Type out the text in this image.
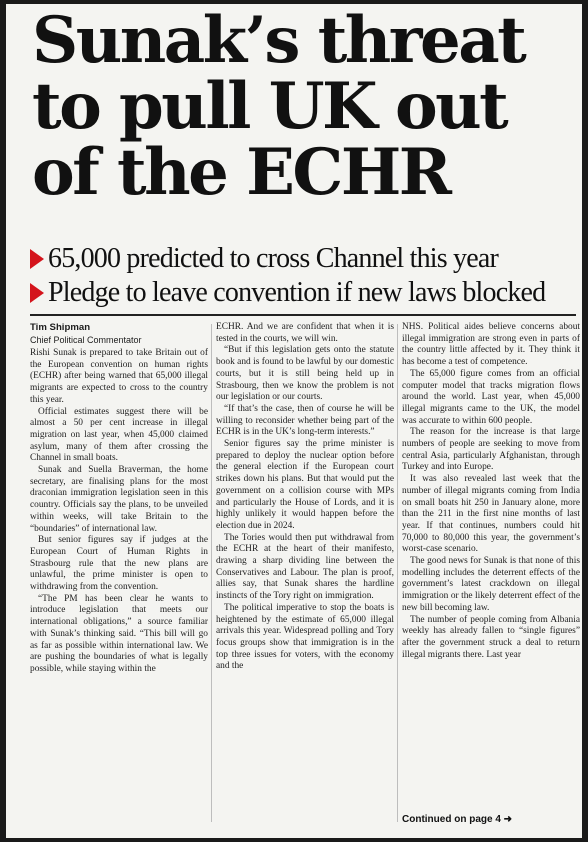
Sunak’s threat
to pull UK out
of the ECHR
65,000 predicted to cross Channel this year
Pledge to leave convention if new laws blocked
Tim Shipman
Chief Political Commentator

Rishi Sunak is prepared to take Britain out of the European convention on human rights (ECHR) after being warned that 65,000 illegal migrants are expected to cross to the country this year.

Official estimates suggest there will be almost a 50 per cent increase in illegal migration on last year, when 45,000 claimed asylum, many of them after crossing the Channel in small boats.

Sunak and Suella Braverman, the home secretary, are finalising plans for the most draconian immigration legislation seen in this country. Officials say the plans, to be unveiled within weeks, will take Britain to the “boundaries” of international law.

But senior figures say if judges at the European Court of Human Rights in Strasbourg rule that the new plans are unlawful, the prime minister is open to withdrawing from the convention.

“The PM has been clear he wants to introduce legislation that meets our international obligations,” a source familiar with Sunak’s thinking said. “This bill will go as far as possible within international law. We are pushing the boundaries of what is legally possible, while staying within the

ECHR. And we are confident that when it is tested in the courts, we will win.

“But if this legislation gets onto the statute book and is found to be lawful by our domestic courts, but it is still being held up in Strasbourg, then we know the problem is not our legislation or our courts.

“If that’s the case, then of course he will be willing to reconsider whether being part of the ECHR is in the UK’s long-term interests.”

Senior figures say the prime minister is prepared to deploy the nuclear option before the general election if the European court strikes down his plans. But that would put the government on a collision course with MPs and particularly the House of Lords, and it is highly unlikely it would happen before the election due in 2024.

The Tories would then put withdrawal from the ECHR at the heart of their manifesto, drawing a sharp dividing line between the Conservatives and Labour. The plan is proof, allies say, that Sunak shares the hardline instincts of the Tory right on immigration.

The political imperative to stop the boats is heightened by the estimate of 65,000 illegal arrivals this year. Widespread polling and Tory focus groups show that immigration is in the top three issues for voters, with the economy and the

NHS. Political aides believe concerns about illegal immigration are strong even in parts of the country little affected by it. They think it has become a test of competence.

The 65,000 figure comes from an official computer model that tracks migration flows around the world. Last year, when 45,000 illegal migrants came to the UK, the model was accurate to within 600 people.

The reason for the increase is that large numbers of people are seeking to move from central Asia, particularly Afghanistan, through Turkey and into Europe.

It was also revealed last week that the number of illegal migrants coming from India on small boats hit 250 in January alone, more than the 211 in the first nine months of last year. If that continues, numbers could hit 70,000 to 80,000 this year, the government’s worst-case scenario.

The good news for Sunak is that none of this modelling includes the deterrent effects of the government’s latest crackdown on illegal immigration or the likely deterrent effect of the new bill becoming law.

The number of people coming from Albania weekly has already fallen to “single figures” after the government struck a deal to return illegal migrants there. Last year

Continued on page 4 ➜
